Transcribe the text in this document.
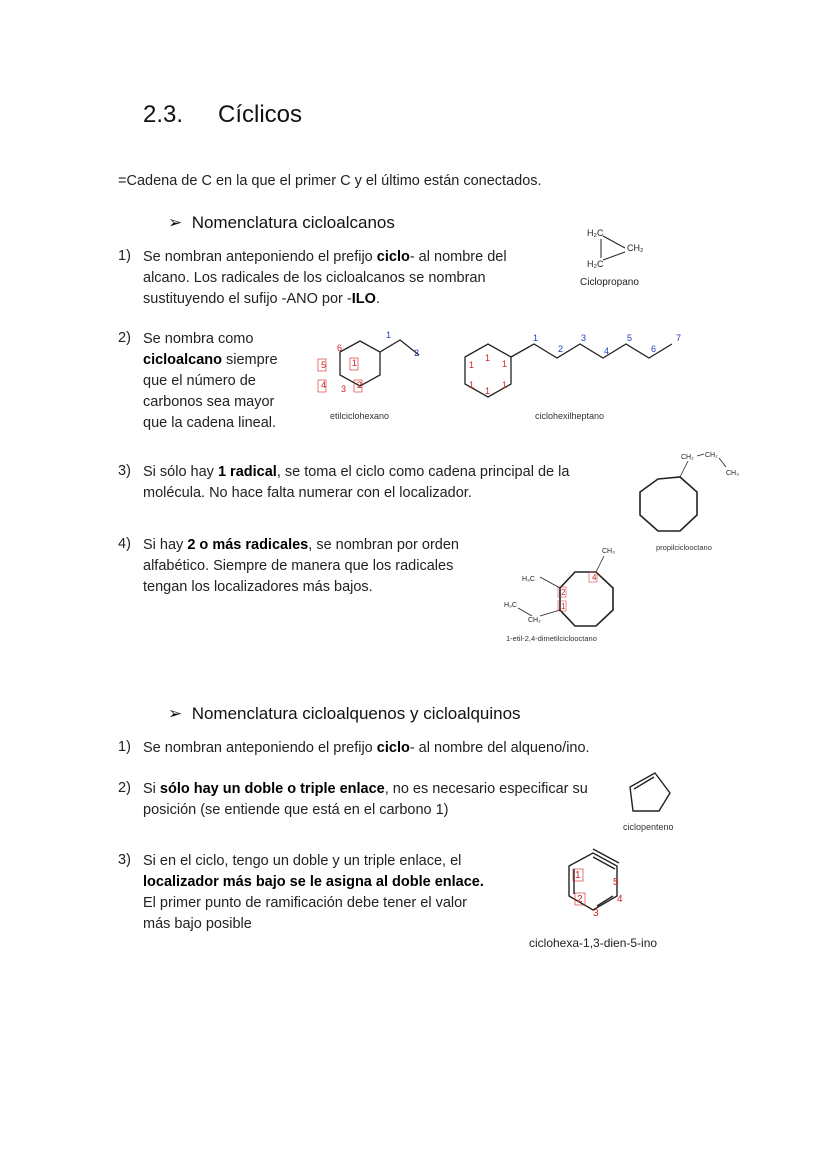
2.3. Cíclicos
=Cadena de C en la que el primer C y el último están conectados.
➢ Nomenclatura cicloalcanos
1) Se nombran anteponiendo el prefijo ciclo- al nombre del
alcano. Los radicales de los cicloalcanos se nombran
sustituyendo el sufijo -ANO por -ILO.
2) Se nombra como
cicloalcano siempre
que el número de
carbonos sea mayor
que la cadena lineal.
3) Si sólo hay 1 radical, se toma el ciclo como cadena principal de la
molécula. No hace falta numerar con el localizador.
4) Si hay 2 o más radicales, se nombran por orden
alfabético. Siempre de manera que los radicales
tengan los localizadores más bajos.
➢ Nomenclatura cicloalquenos y cicloalquinos
1) Se nombran anteponiendo el prefijo ciclo- al nombre del alqueno/ino.
2) Si sólo hay un doble o triple enlace, no es necesario especificar su
posición (se entiende que está en el carbono 1)
3) Si en el ciclo, tengo un doble y un triple enlace, el
localizador más bajo se le asigna al doble enlace.
El primer punto de ramificación debe tener el valor
más bajo posible
H₂C
CH₂
H₂C
Ciclopropano
6
1
2
3
4
5
1
2
etilciclohexano
1
1
1
1
1
1
1
2
3
4
5
6
7
ciclohexilheptano
CH₂ CH₂
CH₃
propilciclooctano
CH₃
H₃C
H₃C
CH₂
4
2
1
1-etil-2,4-dimetilciclooctano
ciclopenteno
1
5
2	4
3
ciclohexa-1,3-dien-5-ino
